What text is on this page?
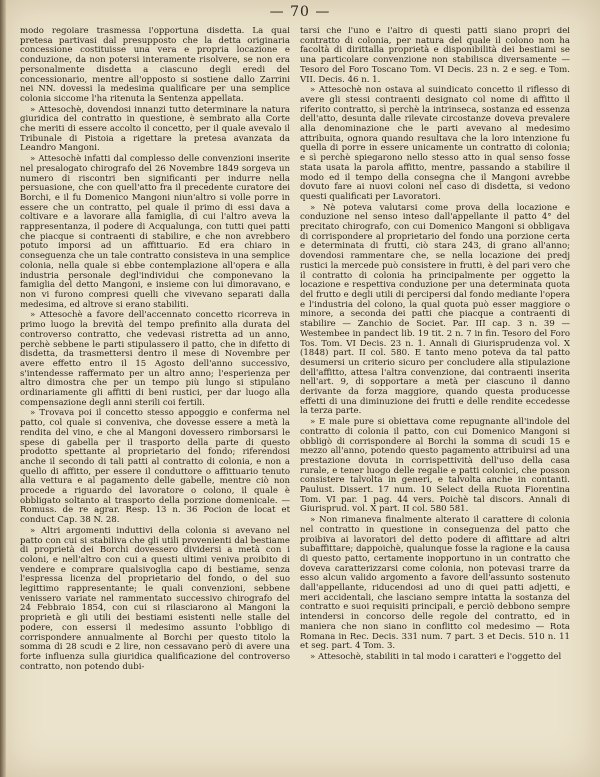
— 70 —

modo regolare trasmessa l'opportuna disdetta. La qual pretesa partivasi dal presupposto che la detta originaria concessione costituisse una vera e propria locazione e conduzione, da non potersi interamente risolvere, se non era personalmente disdetta a ciascuno degli eredi del concessionario, mentre all'opposto si sostiene dallo Zarrini nei NN. dovessi la medesima qualificare per una semplice colonia siccome l'ha ritenuta la Sentenza appellata.

» Attesochè, dovendosi innanzi tutto determinare la natura giuridica del contratto in questione, è sembrato alla Corte che meriti di essere accolto il concetto, per il quale avevalo il Tribunale di Pistoia a rigettare la pretesa avanzata da Leandro Mangoni.

» Attesochè infatti dal complesso delle convenzioni inserite nel presalogato chirografo del 26 Novembre 1849 sorgeva un numero di riscontri ben significanti per indurre nella persuasione, che con quell'atto fra il precedente curatore dei Borchi, e il fu Domenico Mangoni niun'altro si volle porre in essere che un contratto, pel quale il primo di essi dava a coltivare e a lavorare alla famiglia, di cui l'altro aveva la rappresentanza, il podere di Acqualunga, con tutti quei patti che piacque si contraenti di stabilire, e che non avrebbero potuto imporsi ad un affittuario. Ed era chiaro in conseguenza che un tale contratto consisteva in una semplice colonia, nella quale si ebbe contemplazione all'opera e alla industria personale degl'individui che componevano la famiglia del detto Mangoni, e insieme con lui dimoravano, e non vi furono compresi quelli che vivevano separati dalla medesima, ed altrove si erano stabiliti.

» Attesochè a favore dell'accennato concetto ricorreva in primo luogo la brevità del tempo prefinito alla durata del controverso contratto, che vedevasi ristretta ad un anno, perchè sebbene le parti stipulassero il patto, che in difetto di disdetta, da trasmettersi dentro il mese di Novembre per avere effetto entro il 15 Agosto dell'anno successivo, s'intendesse raffermato per un altro anno; l'esperienza per altro dimostra che per un tempo più lungo si stipulano ordinariamente gli affitti di beni rustici, per dar luogo alla compensazione degli anni sterili coi fertili.

» Trovava poi il concetto stesso appoggio e conferma nel patto, col quale si conveniva, che dovesse essere a metà la rendita del vino, e che al Mangoni dovessero rimborsarsi le spese di gabella per il trasporto della parte di questo prodotto spettante al proprietario del fondo; riferendosi anche il secondo di tali patti al contratto di colonia, e non a quello di affitto, per essere il conduttore o affittuario tenuto alla vettura e al pagamento delle gabelle, mentre ciò non procede a riguardo del lavoratore o colono, il quale è obbligato soltanto al trasporto della porzione domenicale. — Romuss. de re agrar. Resp. 13 n. 36 Pocion de locat et conduct Cap. 38 N. 28.

» Altri argomenti induttivi della colonia si avevano nel patto con cui si stabiliva che gli utili provenienti dal bestiame di proprietà dei Borchi dovessero dividersi a metà con i coloni, e nell'altro con cui a questi ultimi veniva proibito di vendere e comprare qualsivoglia capo di bestiame, senza l'espressa licenza del proprietario del fondo, o del suo legittimo rappresentante; le quali convenzioni, sebbene venissero variate nel rammentato successivo chirografo del 24 Febbraio 1854, con cui si rilasciarono al Mangoni la proprietà e gli utili dei bestiami esistenti nelle stalle del podere, con essersi il medesimo assunto l'obbligo di corrispondere annualmente al Borchi per questo titolo la somma di 28 scudi e 2 lire, non cessavano però di avere una forte influenza sulla giuridica qualificazione del controverso contratto, non potendo dubi-

tarsi che l'uno e l'altro di questi patti siano propri del contratto di colonia, per natura del quale il colono non ha facoltà di dirittalla proprietà e disponibilità dei bestiami se una particolare convenzione non stabilisca diversamente — Tesoro del Foro Toscano Tom. VI Decis. 23 n. 2 e seg. e Tom. VII. Decis. 46 n. 1.

» Attesochè non ostava al suindicato concetto il riflesso di avere gli stessi contraenti designato col nome di affitto il riferito contratto, sì perchè la intrinseca, sostanza ed essenza dell'atto, desunta dalle rilevate circostanze doveva prevalere alla denominazione che le parti avevano al medesimo attribuita, ognora quando resultava che la loro intenzione fu quella di porre in essere unicamente un contratto di colonia; e sì perchè spiegarono nello stesso atto in qual senso fosse stata usata la parola affitto, mentre, passando a stabilire il modo ed il tempo della consegna che il Mangoni avrebbe dovuto fare ai nuovi coloni nel caso di disdetta, si vedono questi qualificati per Lavoratori.

» Nè poteva valutarsi come prova della locazione e conduzione nel senso inteso dall'appellante il patto 4° del precitato chirografo, con cui Domenico Mangoni si obbligava di corrispondere al proprietario del fondo una porzione certa e determinata di frutti, ciò stara 243, di grano all'anno; dovendosi rammentare che, se nella locazione dei predj rustici la mercede può consistere in frutti, è del pari vero che il contratto di colonia ha principalmente per oggetto la locazione e respettiva conduzione per una determinata quota del frutto e degli utili di percipersi dal fondo mediante l'opera e l'industria del colono, la qual quota può esser maggiore o minore, a seconda dei patti che piacque a contraenti di stabilire — Zanchio de Societ. Par. III cap. 3 n. 39 — Westembee in pandect lib. 19 tit. 2 n. 7 in fin. Tesoro del Foro Tos. Tom. VI Decis. 23 n. 1. Annali di Giurisprudenza vol. X (1848) part. II col. 580. E tanto meno poteva da tal patto desumersi un criterio sicuro per concludere alla stipulazione dell'affitto, attesa l'altra convenzione, dai contraenti inserita nell'art. 9, di sopportare a metà per ciascuno il danno derivante da forza maggiore, quando questa producesse effetti di una diminuzione dei frutti e delle rendite eccedesse la terza parte.

» E male pure si obiettava come repugnante all'indole del contratto di colonia il patto, con cui Domenico Mangoni si obbligò di corrispondere al Borchi la somma di scudi 15 e mezzo all'anno, potendo questo pagamento attribuirsi ad una prestazione dovuta in corrispettività dell'uso della casa rurale, e tener luogo delle regalie e patti colonici, che posson consistere talvolta in generi, e talvolta anche in contanti. Paulust. Dissert. 17 num. 10 Select della Ruota Fiorentina Tom. VI par. 1 pag. 44 vers. Poichè tal discors. Annali di Giurisprud. vol. X part. II col. 580 581.

» Non rimaneva finalmente alterato il carattere di colonia nel contratto in questione in conseguenza del patto che proibiva ai lavoratori del detto podere di affittare ad altri subaffittare; dappoichè, qualunque fosse la ragione e la causa di questo patto, certamente inopportuno in un contratto che doveva caratterizzarsi come colonia, non potevasi trarre da esso alcun valido argomento a favore dell'assunto sostenuto dall'appellante, riducendosi ad uno di quei patti adjetti, e meri accidentali, che lasciano sempre intatta la sostanza del contratto e suoi requisiti principali, e perciò debbono sempre intendersi in concorso delle regole del contratto, ed in maniera che non siano in conflitto col medesimo — Rota Romana in Rec. Decis. 331 num. 7 part. 3 et Decis. 510 n. 11 et seg. part. 4 Tom. 3.

» Attesochè, stabiliti in tal modo i caratteri e l'oggetto del
